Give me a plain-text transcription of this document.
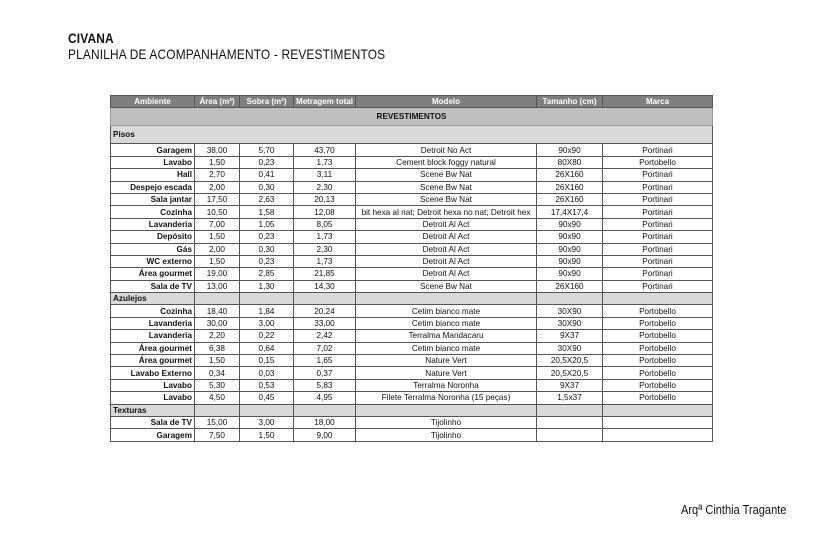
CIVANA
PLANILHA DE ACOMPANHAMENTO - REVESTIMENTOS
Ambiente	Área (m²)	Sobra (m²)	Metragem total	Modelo	Tamanho (cm)	Marca
REVESTIMENTOS						
Pisos						
Garagem	38,00	5,70	43,70	Detroit No Act	90x90	Portinari
Lavabo	1,50	0,23	1,73	Cement block foggy natural	80X80	Portobello
Hall	2,70	0,41	3,11	Scene Bw Nat	26X160	Portinari
Despejo escada	2,00	0,30	2,30	Scene Bw Nat	26X160	Portinari
Sala jantar	17,50	2,63	20,13	Scene Bw Nat	26X160	Portinari
Cozinha	10,50	1,58	12,08	bit hexa al nat; Detroit hexa no nat; Detroit hex	17,4X17,4	Portinari
Lavanderia	7,00	1,05	8,05	Detroit Al Act	90x90	Portinari
Depósito	1,50	0,23	1,73	Detroit Al Act	90x90	Portinari
Gás	2,00	0,30	2,30	Detroit Al Act	90x90	Portinari
WC externo	1,50	0,23	1,73	Detroit Al Act	90x90	Portinari
Área gourmet	19,00	2,85	21,85	Detroit Al Act	90x90	Portinari
Sala de TV	13,00	1,30	14,30	Scene Bw Nat	26X160	Portinari
Azulejos						
Cozinha	18,40	1,84	20,24	Cetim bianco mate	30X90	Portobello
Lavanderia	30,00	3,00	33,00	Cetim bianco mate	30X90	Portobello
Lavanderia	2,20	0,22	2,42	Terralma Mandacaru	9X37	Portobello
Área gourmet	6,38	0,64	7,02	Cetim bianco mate	30X90	Portobello
Área gourmet	1,50	0,15	1,65	Nature Vert	20,5X20,5	Portobello
Lavabo Externo	0,34	0,03	0,37	Nature Vert	20,5X20,5	Portobello
Lavabo	5,30	0,53	5,83	Terralma Noronha	9X37	Portobello
Lavabo	4,50	0,45	4,95	Filete Terralma Noronha (15 peças)	1,5x37	Portobello
Texturas						
Sala de TV	15,00	3,00	18,00	Tijolinho		
Garagem	7,50	1,50	9,00	Tijolinho		
Arqª Cinthia Tragante
